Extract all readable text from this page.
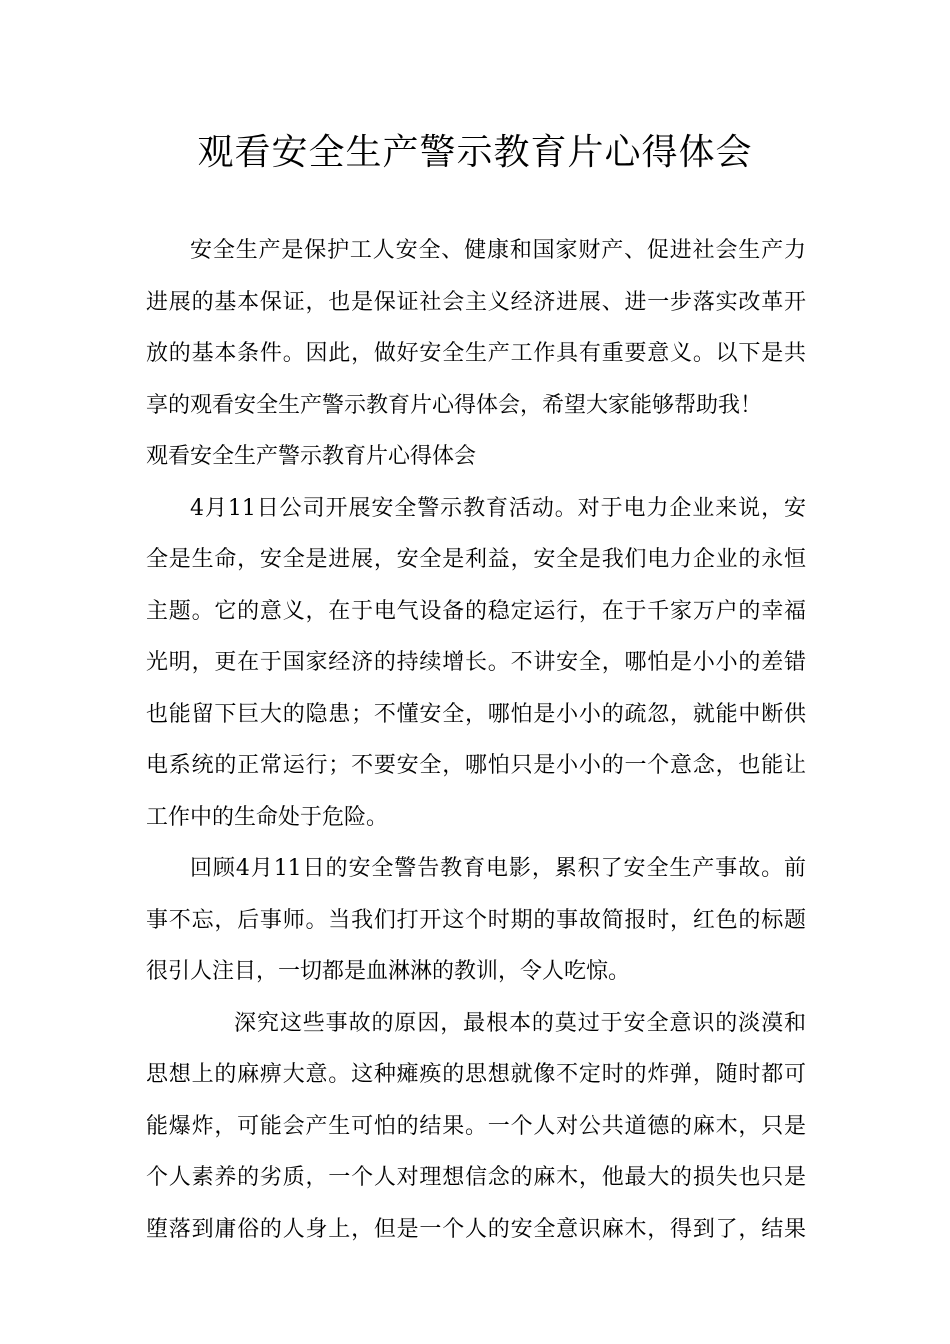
观看安全生产警示教育片心得体会

安全生产是保护工人安全、健康和国家财产、促进社会生产力
进展的基本保证，也是保证社会主义经济进展、进一步落实改革开
放的基本条件。因此，做好安全生产工作具有重要意义。以下是共
享的观看安全生产警示教育片心得体会，希望大家能够帮助我！

观看安全生产警示教育片心得体会

4月11日公司开展安全警示教育活动。对于电力企业来说，安
全是生命，安全是进展，安全是利益，安全是我们电力企业的永恒
主题。它的意义，在于电气设备的稳定运行，在于千家万户的幸福
光明，更在于国家经济的持续增长。不讲安全，哪怕是小小的差错
也能留下巨大的隐患；不懂安全，哪怕是小小的疏忽，就能中断供
电系统的正常运行；不要安全，哪怕只是小小的一个意念，也能让
工作中的生命处于危险。

回顾4月11日的安全警告教育电影，累积了安全生产事故。前
事不忘，后事师。当我们打开这个时期的事故简报时，红色的标题
很引人注目，一切都是血淋淋的教训，令人吃惊。

深究这些事故的原因，最根本的莫过于安全意识的淡漠和
思想上的麻痹大意。这种瘫痪的思想就像不定时的炸弹，随时都可
能爆炸，可能会产生可怕的结果。一个人对公共道德的麻木，只是
个人素养的劣质，一个人对理想信念的麻木，他最大的损失也只是
堕落到庸俗的人身上，但是一个人的安全意识麻木，得到了，结果
